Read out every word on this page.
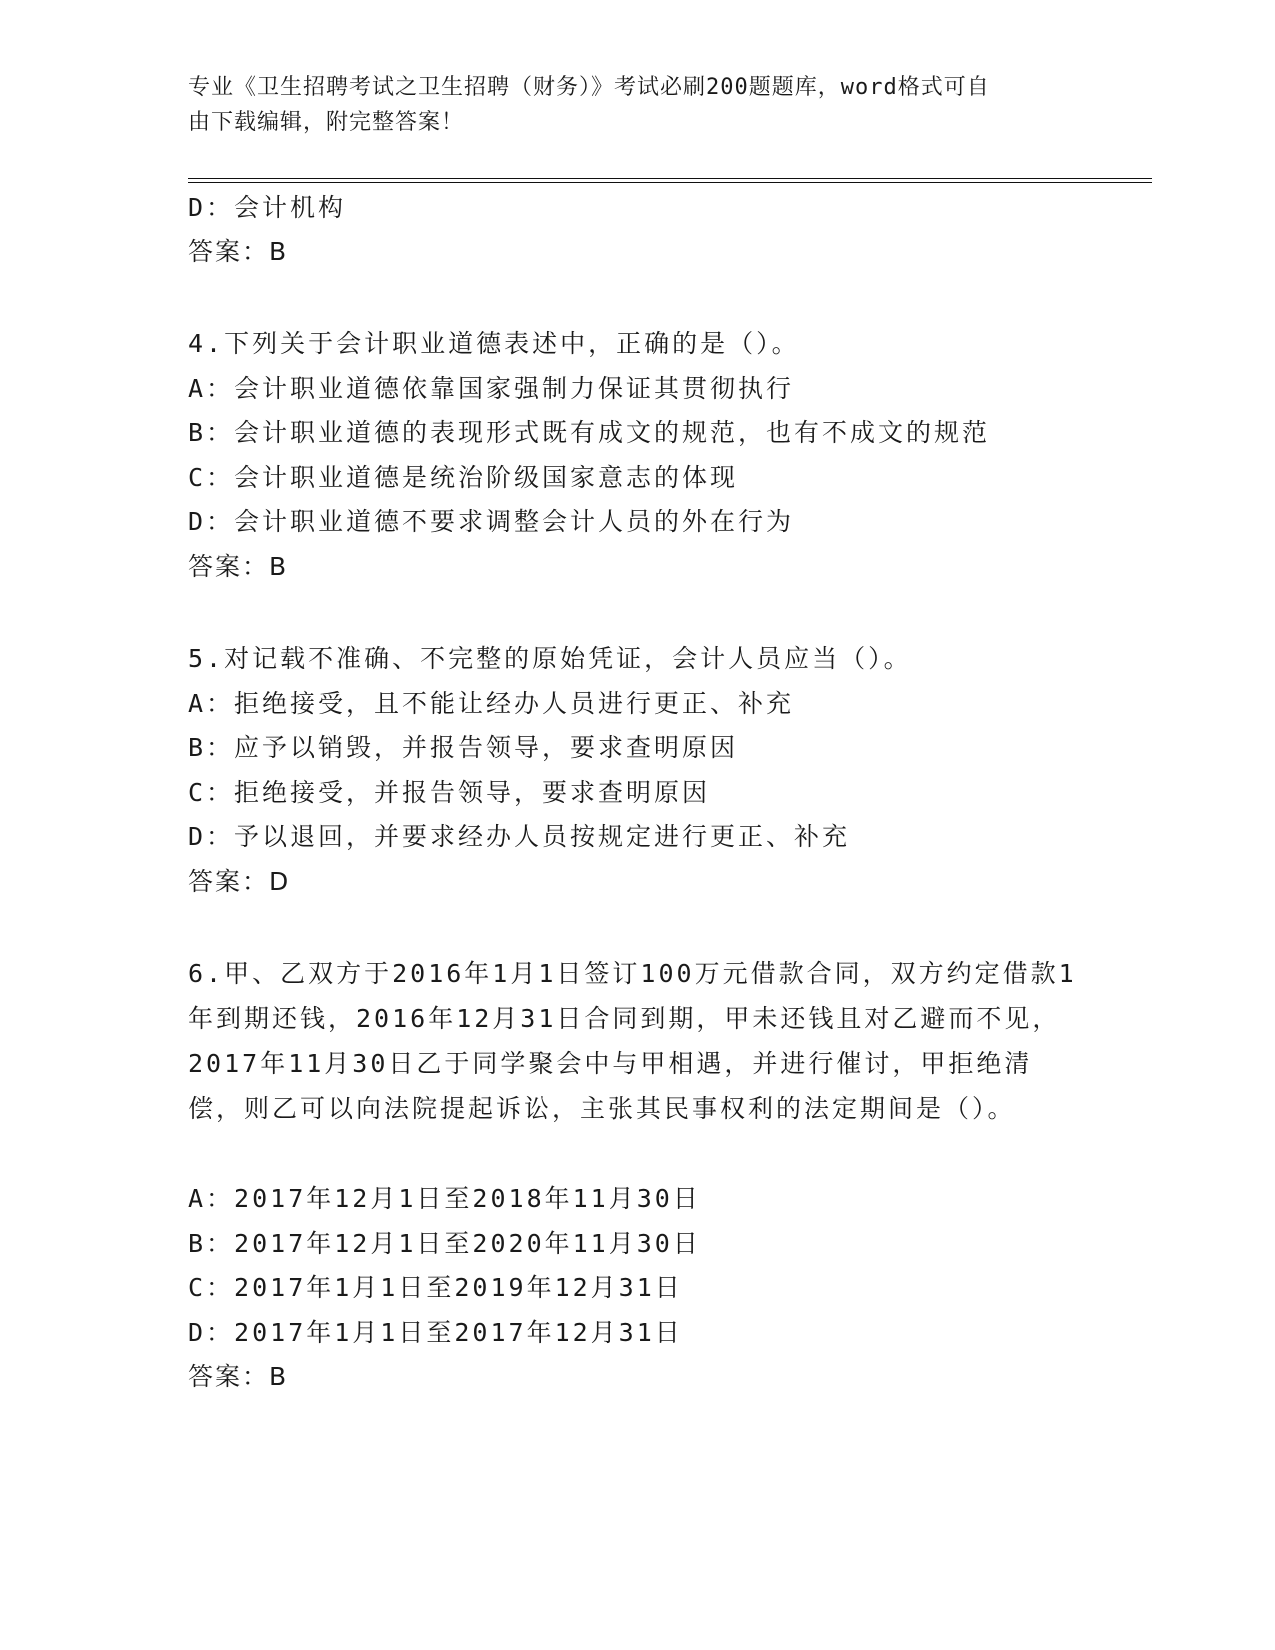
专业《卫生招聘考试之卫生招聘（财务）》考试必刷200题题库，word格式可自
由下载编辑，附完整答案！
D：会计机构
答案：B
4.下列关于会计职业道德表述中，正确的是（）。
A：会计职业道德依靠国家强制力保证其贯彻执行
B：会计职业道德的表现形式既有成文的规范，也有不成文的规范
C：会计职业道德是统治阶级国家意志的体现
D：会计职业道德不要求调整会计人员的外在行为
答案：B
5.对记载不准确、不完整的原始凭证，会计人员应当（）。
A：拒绝接受，且不能让经办人员进行更正、补充
B：应予以销毁，并报告领导，要求查明原因
C：拒绝接受，并报告领导，要求查明原因
D：予以退回，并要求经办人员按规定进行更正、补充
答案：D

6.甲、乙双方于2016年1月1日签订100万元借款合同，双方约定借款1年到期还钱，2016年12月31日合同到期，甲未还钱且对乙避而不见，2017年11月30日乙于同学聚会中与甲相遇，并进行催讨，甲拒绝清偿，则乙可以向法院提起诉讼，主张其民事权利的法定期间是（）。

A：2017年12月1日至2018年11月30日
B：2017年12月1日至2020年11月30日
C：2017年1月1日至2019年12月31日
D：2017年1月1日至2017年12月31日
答案：B
